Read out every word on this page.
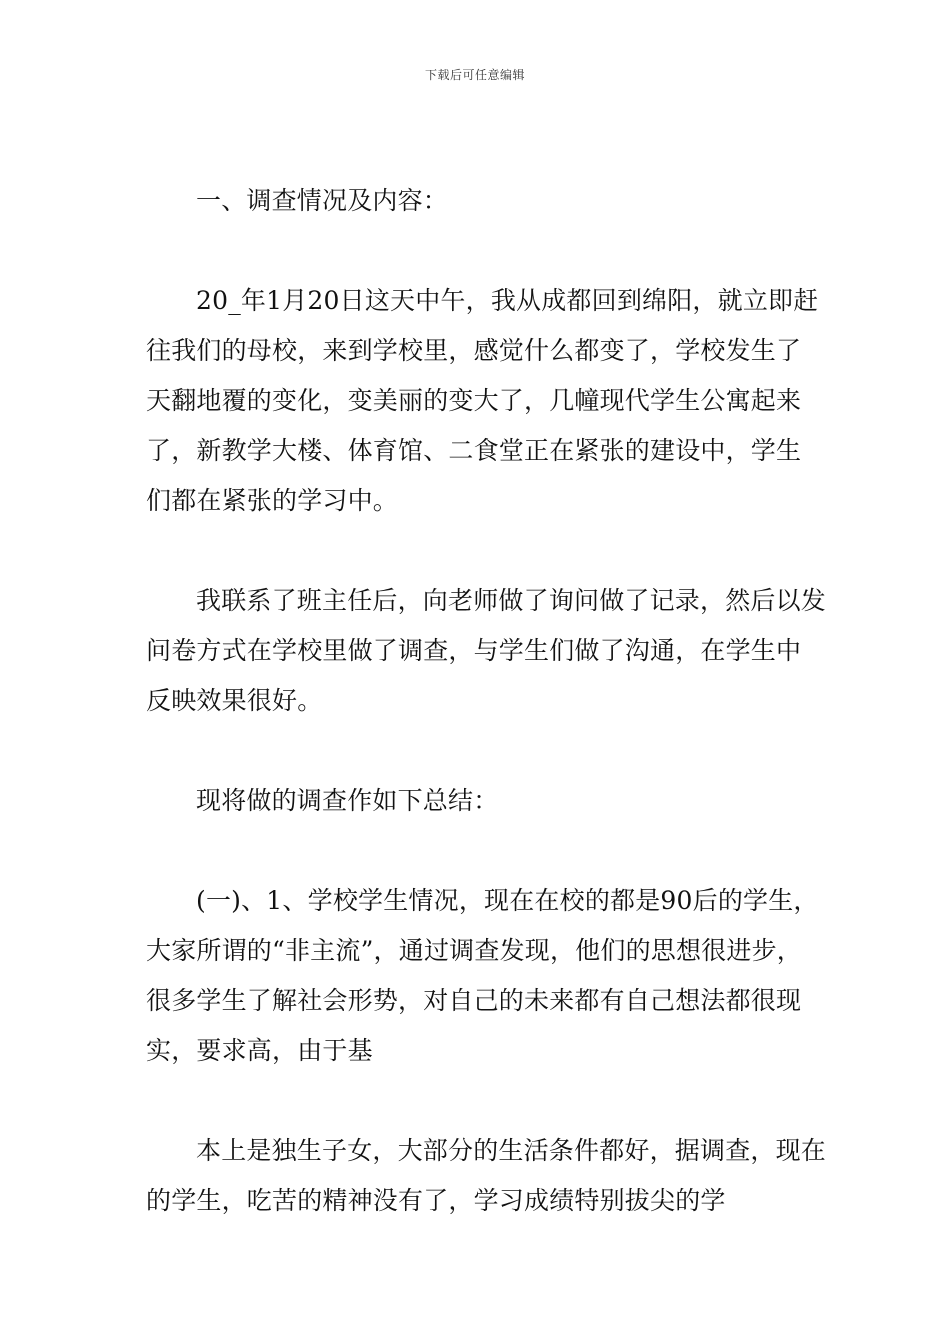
下载后可任意编辑

一、调查情况及内容：

20_年1月20日这天中午，我从成都回到绵阳，就立即赶往我们的母校，来到学校里，感觉什么都变了，学校发生了天翻地覆的变化，变美丽的变大了，几幢现代学生公寓起来了，新教学大楼、体育馆、二食堂正在紧张的建设中，学生们都在紧张的学习中。

我联系了班主任后，向老师做了询问做了记录，然后以发问卷方式在学校里做了调查，与学生们做了沟通，在学生中反映效果很好。

现将做的调查作如下总结：

(一)、1、学校学生情况，现在在校的都是90后的学生，大家所谓的“非主流”，通过调查发现，他们的思想很进步，很多学生了解社会形势，对自己的未来都有自己想法都很现实，要求高，由于基

本上是独生子女，大部分的生活条件都好，据调查，现在的学生，吃苦的精神没有了，学习成绩特别拔尖的学
